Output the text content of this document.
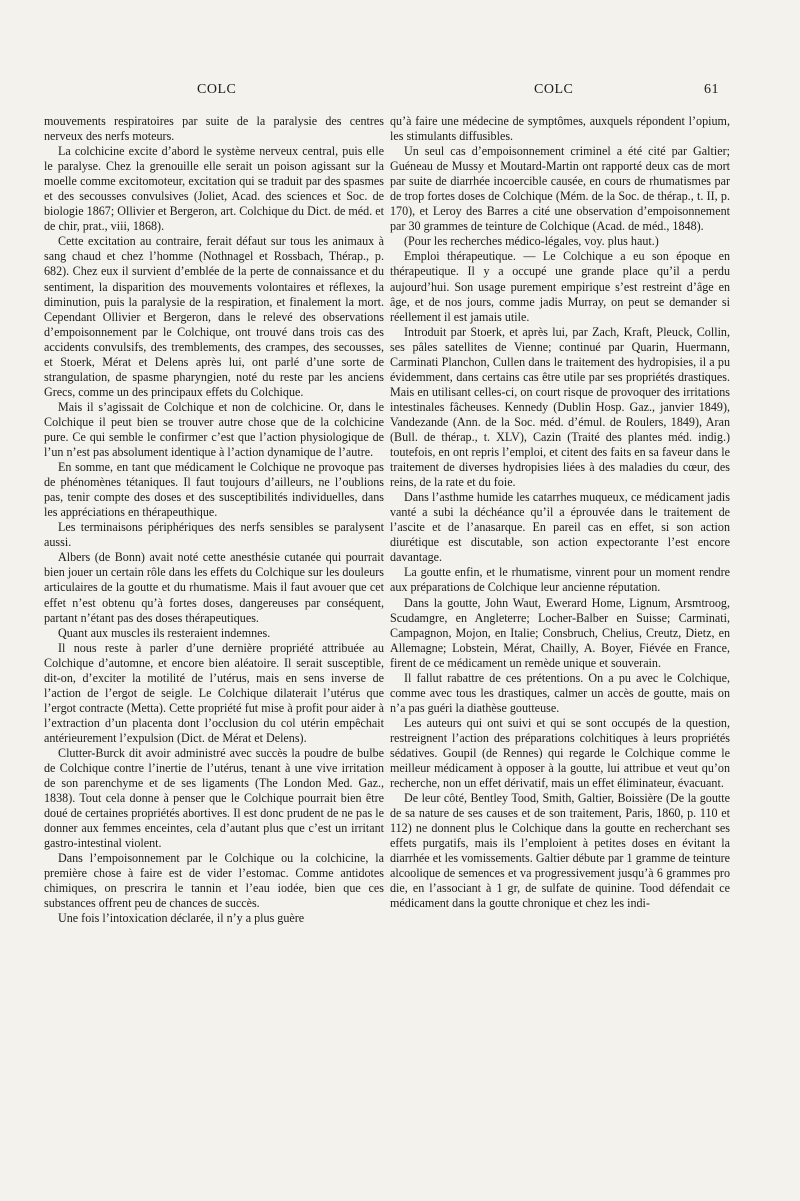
COLC	COLC	61

mouvements respiratoires par suite de la paralysie des centres nerveux des nerfs moteurs.

La colchicine excite d’abord le système nerveux central, puis elle le paralyse. Chez la grenouille elle serait un poison agissant sur la moelle comme excitomoteur, excitation qui se traduit par des spasmes et des secousses convulsives (Joliet, Acad. des sciences et Soc. de biologie 1867; Ollivier et Bergeron, art. Colchique du Dict. de méd. et de chir, prat., viii, 1868).

Cette excitation au contraire, ferait défaut sur tous les animaux à sang chaud et chez l’homme (Nothnagel et Rossbach, Thérap., p. 682). Chez eux il survient d’emblée de la perte de connaissance et du sentiment, la disparition des mouvements volontaires et réflexes, la diminution, puis la paralysie de la respiration, et finalement la mort. Cependant Ollivier et Bergeron, dans le relevé des observations d’empoisonnement par le Colchique, ont trouvé dans trois cas des accidents convulsifs, des tremblements, des crampes, des secousses, et Stoerk, Mérat et Delens après lui, ont parlé d’une sorte de strangulation, de spasme pharyngien, noté du reste par les anciens Grecs, comme un des principaux effets du Colchique.

Mais il s’agissait de Colchique et non de colchicine. Or, dans le Colchique il peut bien se trouver autre chose que de la colchicine pure. Ce qui semble le confirmer c’est que l’action physiologique de l’un n’est pas absolument identique à l’action dynamique de l’autre.

En somme, en tant que médicament le Colchique ne provoque pas de phénomènes tétaniques. Il faut toujours d’ailleurs, ne l’oublions pas, tenir compte des doses et des susceptibilités individuelles, dans les appréciations en thérapeuthique.

Les terminaisons périphériques des nerfs sensibles se paralysent aussi.

Albers (de Bonn) avait noté cette anesthésie cutanée qui pourrait bien jouer un certain rôle dans les effets du Colchique sur les douleurs articulaires de la goutte et du rhumatisme. Mais il faut avouer que cet effet n’est obtenu qu’à fortes doses, dangereuses par conséquent, partant n’étant pas des doses thérapeutiques.

Quant aux muscles ils resteraient indemnes.

Il nous reste à parler d’une dernière propriété attribuée au Colchique d’automne, et encore bien aléatoire. Il serait susceptible, dit-on, d’exciter la motilité de l’utérus, mais en sens inverse de l’action de l’ergot de seigle. Le Colchique dilaterait l’utérus que l’ergot contracte (Metta). Cette propriété fut mise à profit pour aider à l’extraction d’un placenta dont l’occlusion du col utérin empêchait antérieurement l’expulsion (Dict. de Mérat et Delens).

Clutter-Burck dit avoir administré avec succès la poudre de bulbe de Colchique contre l’inertie de l’utérus, tenant à une vive irritation de son parenchyme et de ses ligaments (The London Med. Gaz., 1838). Tout cela donne à penser que le Colchique pourrait bien être doué de certaines propriétés abortives. Il est donc prudent de ne pas le donner aux femmes enceintes, cela d’autant plus que c’est un irritant gastro-intestinal violent.

Dans l’empoisonnement par le Colchique ou la colchicine, la première chose à faire est de vider l’estomac. Comme antidotes chimiques, on prescrira le tannin et l’eau iodée, bien que ces substances offrent peu de chances de succès.

Une fois l’intoxication déclarée, il n’y a plus guère

qu’à faire une médecine de symptômes, auxquels répondent l’opium, les stimulants diffusibles.

Un seul cas d’empoisonnement criminel a été cité par Galtier; Guéneau de Mussy et Moutard-Martin ont rapporté deux cas de mort par suite de diarrhée incoercible causée, en cours de rhumatismes par de trop fortes doses de Colchique (Mém. de la Soc. de thérap., t. II, p. 170), et Leroy des Barres a cité une observation d’empoisonnement par 30 grammes de teinture de Colchique (Acad. de méd., 1848).

(Pour les recherches médico-légales, voy. plus haut.)

Emploi thérapeutique. — Le Colchique a eu son époque en thérapeutique. Il y a occupé une grande place qu’il a perdu aujourd’hui. Son usage purement empirique s’est restreint d’âge en âge, et de nos jours, comme jadis Murray, on peut se demander si réellement il est jamais utile.

Introduit par Stoerk, et après lui, par Zach, Kraft, Pleuck, Collin, ses pâles satellites de Vienne; continué par Quarin, Huermann, Carminati Planchon, Cullen dans le traitement des hydropisies, il a pu évidemment, dans certains cas être utile par ses propriétés drastiques. Mais en utilisant celles-ci, on court risque de provoquer des irritations intestinales fâcheuses. Kennedy (Dublin Hosp. Gaz., janvier 1849), Vandezande (Ann. de la Soc. méd. d’émul. de Roulers, 1849), Aran (Bull. de thérap., t. XLV), Cazin (Traité des plantes méd. indig.) toutefois, en ont repris l’emploi, et citent des faits en sa faveur dans le traitement de diverses hydropisies liées à des maladies du cœur, des reins, de la rate et du foie.

Dans l’asthme humide les catarrhes muqueux, ce médicament jadis vanté a subi la déchéance qu’il a éprouvée dans le traitement de l’ascite et de l’anasarque. En pareil cas en effet, si son action diurétique est discutable, son action expectorante l’est encore davantage.

La goutte enfin, et le rhumatisme, vinrent pour un moment rendre aux préparations de Colchique leur ancienne réputation.

Dans la goutte, John Waut, Ewerard Home, Lignum, Arsmtroog, Scudamgre, en Angleterre; Locher-Balber en Suisse; Carminati, Campagnon, Mojon, en Italie; Consbruch, Chelius, Creutz, Dietz, en Allemagne; Lobstein, Mérat, Chailly, A. Boyer, Fiévée en France, firent de ce médicament un remède unique et souverain.

Il fallut rabattre de ces prétentions. On a pu avec le Colchique, comme avec tous les drastiques, calmer un accès de goutte, mais on n’a pas guéri la diathèse goutteuse.

Les auteurs qui ont suivi et qui se sont occupés de la question, restreignent l’action des préparations colchitiques à leurs propriétés sédatives. Goupil (de Rennes) qui regarde le Colchique comme le meilleur médicament à opposer à la goutte, lui attribue et veut qu’on recherche, non un effet dérivatif, mais un effet éliminateur, évacuant.

De leur côté, Bentley Tood, Smith, Galtier, Boissière (De la goutte de sa nature de ses causes et de son traitement, Paris, 1860, p. 110 et 112) ne donnent plus le Colchique dans la goutte en recherchant ses effets purgatifs, mais ils l’emploient à petites doses en évitant la diarrhée et les vomissements. Galtier débute par 1 gramme de teinture alcoolique de semences et va progressivement jusqu’à 6 grammes pro die, en l’associant à 1 gr, de sulfate de quinine. Tood défendait ce médicament dans la goutte chronique et chez les indi-
